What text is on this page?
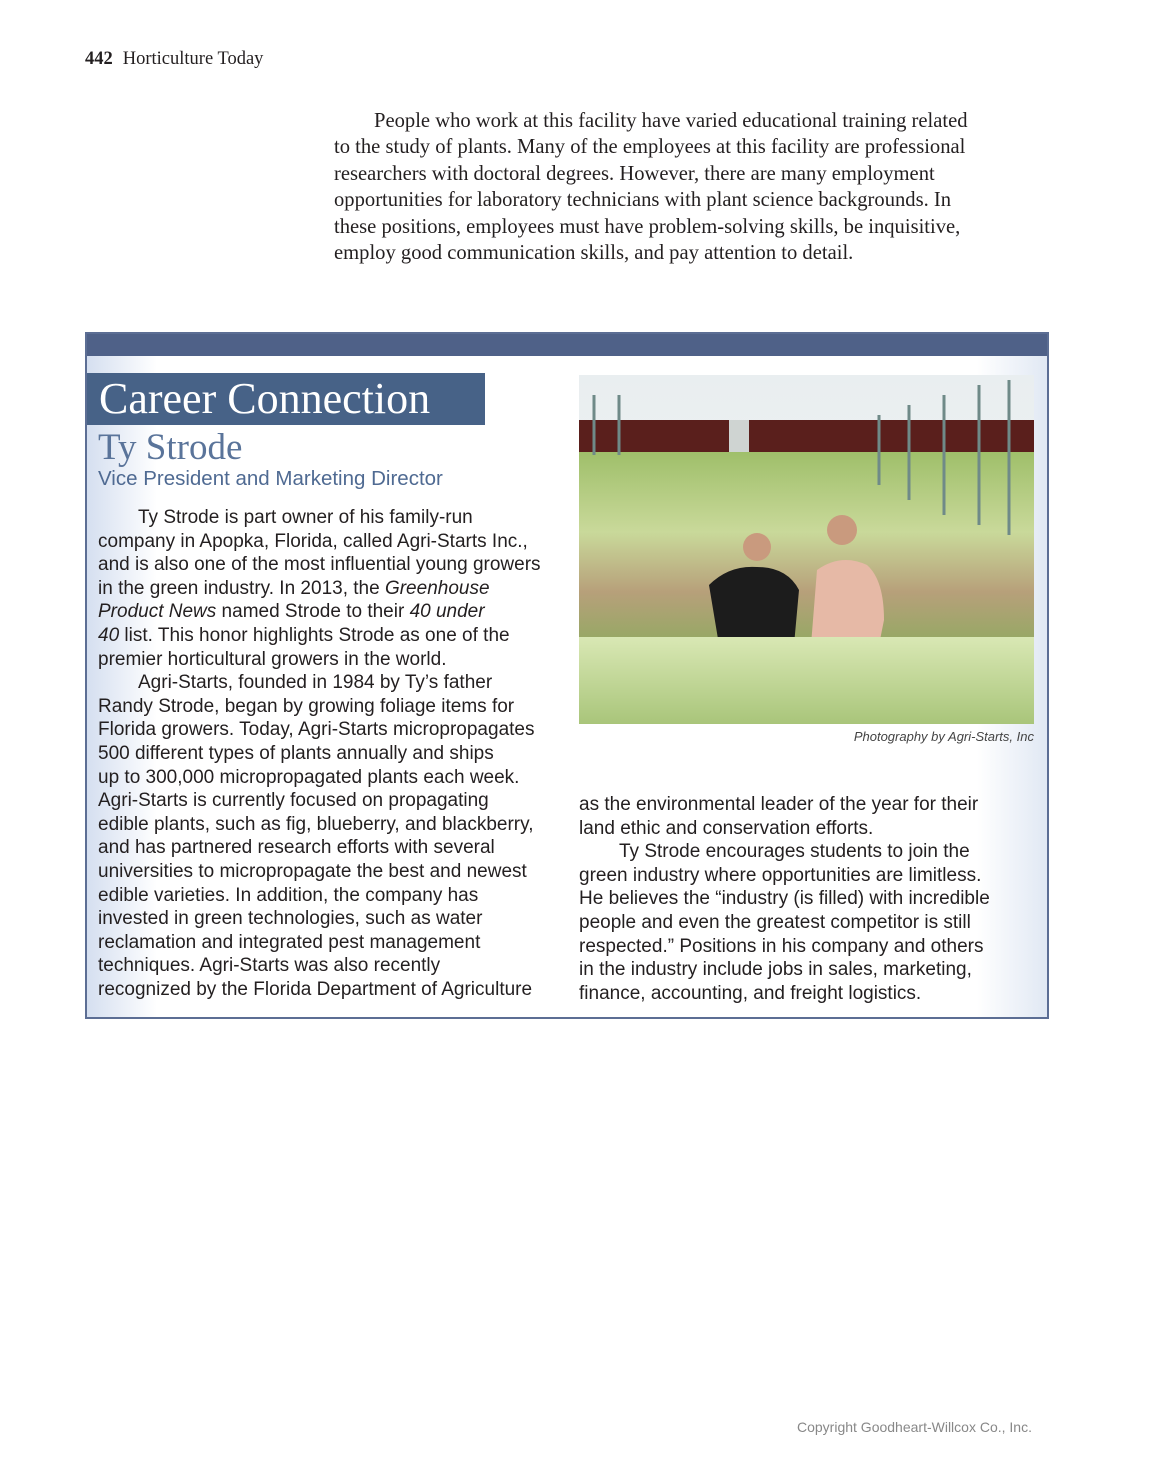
442 Horticulture Today
People who work at this facility have varied educational training related
to the study of plants. Many of the employees at this facility are professional
researchers with doctoral degrees. However, there are many employment
opportunities for laboratory technicians with plant science backgrounds. In
these positions, employees must have problem-solving skills, be inquisitive,
employ good communication skills, and pay attention to detail.
Career Connection
Ty Strode
Vice President and Marketing Director
Ty Strode is part owner of his family-run
company in Apopka, Florida, called Agri-Starts Inc.,
and is also one of the most influential young growers
in the green industry. In 2013, the Greenhouse
Product News named Strode to their 40 under
40 list. This honor highlights Strode as one of the
premier horticultural growers in the world.
Agri-Starts, founded in 1984 by Ty’s father
Randy Strode, began by growing foliage items for
Florida growers. Today, Agri-Starts micropropagates
500 different types of plants annually and ships
up to 300,000 micropropagated plants each week.
Agri-Starts is currently focused on propagating
edible plants, such as fig, blueberry, and blackberry,
and has partnered research efforts with several
universities to micropropagate the best and newest
edible varieties. In addition, the company has
invested in green technologies, such as water
reclamation and integrated pest management
techniques. Agri-Starts was also recently
recognized by the Florida Department of Agriculture
Photography by Agri-Starts, Inc
as the environmental leader of the year for their
land ethic and conservation efforts.
Ty Strode encourages students to join the
green industry where opportunities are limitless.
He believes the “industry (is filled) with incredible
people and even the greatest competitor is still
respected.” Positions in his company and others
in the industry include jobs in sales, marketing,
finance, accounting, and freight logistics.
Copyright Goodheart-Willcox Co., Inc.
